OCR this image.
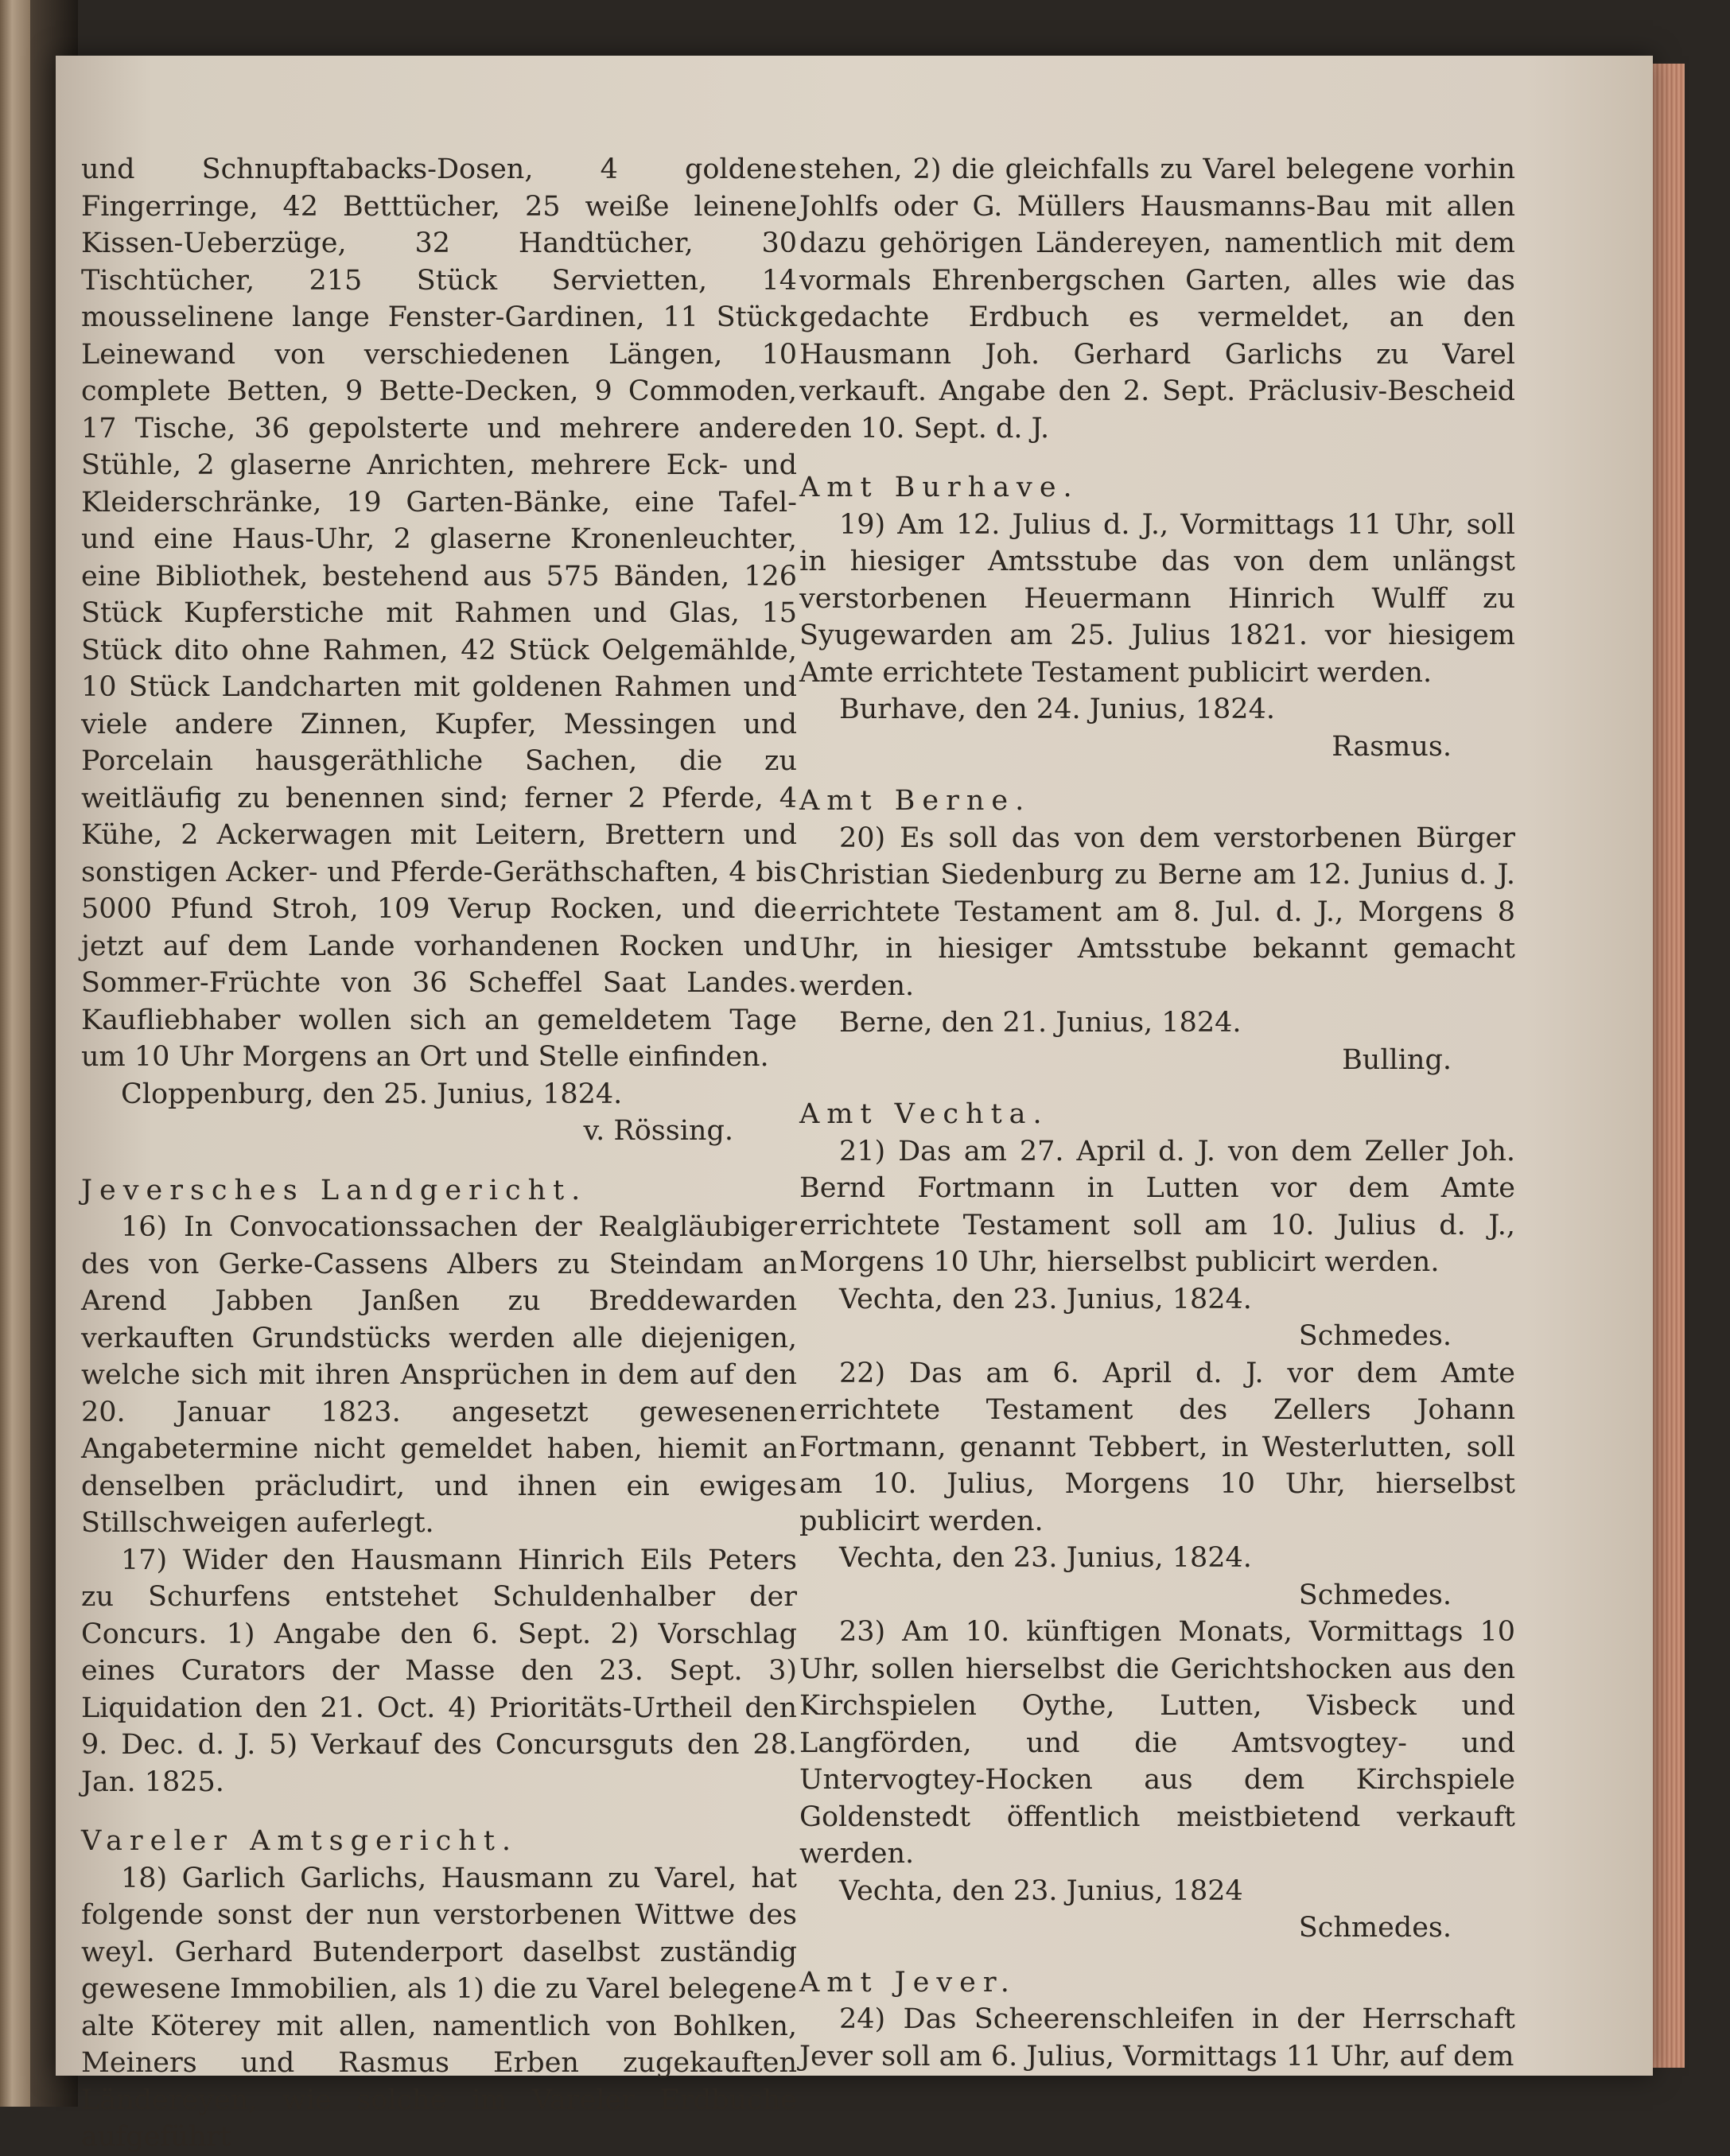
und Schnupftabacks-Dosen, 4 goldene Fingerringe, 42 Betttücher, 25 weiße leinene Kissen-Ueberzüge, 32 Handtücher, 30 Tischtücher, 215 Stück Servietten, 14 mousselinene lange Fenster-Gardinen, 11 Stück Leinewand von verschiedenen Längen, 10 complete Betten, 9 Bette-Decken, 9 Commoden, 17 Tische, 36 gepolsterte und mehrere andere Stühle, 2 glaserne Anrichten, mehrere Eck- und Kleiderschränke, 19 Garten-Bänke, eine Tafel- und eine Haus-Uhr, 2 glaserne Kronenleuchter, eine Bibliothek, bestehend aus 575 Bänden, 126 Stück Kupferstiche mit Rahmen und Glas, 15 Stück dito ohne Rahmen, 42 Stück Oelgemählde, 10 Stück Landcharten mit goldenen Rahmen und viele andere Zinnen, Kupfer, Messingen und Porcelain hausgeräthliche Sachen, die zu weitläufig zu benennen sind; ferner 2 Pferde, 4 Kühe, 2 Ackerwagen mit Leitern, Brettern und sonstigen Acker- und Pferde-Geräthschaften, 4 bis 5000 Pfund Stroh, 109 Verup Rocken, und die jetzt auf dem Lande vorhandenen Rocken und Sommer-Früchte von 36 Scheffel Saat Landes. Kaufliebhaber wollen sich an gemeldetem Tage um 10 Uhr Morgens an Ort und Stelle einfinden.

Cloppenburg, den 25. Junius, 1824.

v. Rössing.

Jeversches Landgericht.

16) In Convocationssachen der Realgläubiger des von Gerke-Cassens Albers zu Steindam an Arend Jabben Janßen zu Breddewarden verkauften Grundstücks werden alle diejenigen, welche sich mit ihren Ansprüchen in dem auf den 20. Januar 1823. angesetzt gewesenen Angabetermine nicht gemeldet haben, hiemit an denselben präcludirt, und ihnen ein ewiges Stillschweigen auferlegt.

17) Wider den Hausmann Hinrich Eils Peters zu Schurfens entstehet Schuldenhalber der Concurs. 1) Angabe den 6. Sept. 2) Vorschlag eines Curators der Masse den 23. Sept. 3) Liquidation den 21. Oct. 4) Prioritäts-Urtheil den 9. Dec. d. J. 5) Verkauf des Concursguts den 28. Jan. 1825.

Vareler Amtsgericht.

18) Garlich Garlichs, Hausmann zu Varel, hat folgende sonst der nun verstorbenen Wittwe des weyl. Gerhard Butenderport daselbst zuständig gewesene Immobilien, als 1) die zu Varel belegene alte Köterey mit allen, namentlich von Bohlken, Meiners und Rasmus Erben zugekauften Ländereyen, wie solche im Vareler Erdbuche aufgeführt

stehen, 2) die gleichfalls zu Varel belegene vorhin Johlfs oder G. Müllers Hausmanns-Bau mit allen dazu gehörigen Ländereyen, namentlich mit dem vormals Ehrenbergschen Garten, alles wie das gedachte Erdbuch es vermeldet, an den Hausmann Joh. Gerhard Garlichs zu Varel verkauft. Angabe den 2. Sept. Präclusiv-Bescheid den 10. Sept. d. J.

Amt Burhave.

19) Am 12. Julius d. J., Vormittags 11 Uhr, soll in hiesiger Amtsstube das von dem unlängst verstorbenen Heuermann Hinrich Wulff zu Syugewarden am 25. Julius 1821. vor hiesigem Amte errichtete Testament publicirt werden.

Burhave, den 24. Junius, 1824.

Rasmus.

Amt Berne.

20) Es soll das von dem verstorbenen Bürger Christian Siedenburg zu Berne am 12. Junius d. J. errichtete Testament am 8. Jul. d. J., Morgens 8 Uhr, in hiesiger Amtsstube bekannt gemacht werden.

Berne, den 21. Junius, 1824.

Bulling.

Amt Vechta.

21) Das am 27. April d. J. von dem Zeller Joh. Bernd Fortmann in Lutten vor dem Amte errichtete Testament soll am 10. Julius d. J., Morgens 10 Uhr, hierselbst publicirt werden.

Vechta, den 23. Junius, 1824.

Schmedes.

22) Das am 6. April d. J. vor dem Amte errichtete Testament des Zellers Johann Fortmann, genannt Tebbert, in Westerlutten, soll am 10. Julius, Morgens 10 Uhr, hierselbst publicirt werden.

Vechta, den 23. Junius, 1824.

Schmedes.

23) Am 10. künftigen Monats, Vormittags 10 Uhr, sollen hierselbst die Gerichtshocken aus den Kirchspielen Oythe, Lutten, Visbeck und Langförden, und die Amtsvogtey- und Untervogtey-Hocken aus dem Kirchspiele Goldenstedt öffentlich meistbietend verkauft werden.

Vechta, den 23. Junius, 1824

Schmedes.

Amt Jever.

24) Das Scheerenschleifen in der Herrschaft Jever soll am 6. Julius, Vormittags 11 Uhr, auf dem
